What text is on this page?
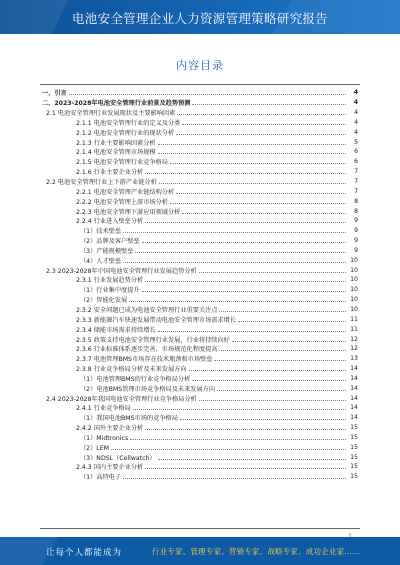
电池安全管理企业人力资源管理策略研究报告
内容目录
一、引言	4
二、2023-2028年电池安全管理行业前景及趋势预测	4
2.1 电池安全管理行业发展现状及主要影响因素	4
2.1.1 电池安全管理行业的定义及分类	4
2.1.2 电池安全管理行业的现状分析	4
2.1.3 行业主要影响因素分析	5
2.1.4 电池安全管理市场规模	6
2.1.5 电池安全管理行业竞争格局	6
2.1.6 行业主要企业分析	7
2.2 电池安全管理行业上下游产业链分析	7
2.2.1 电池安全管理产业链结构分析	7
2.2.2 电池安全管理上游市场分析	8
2.2.3 电池安全管理下游应用领域分析	8
2.2.4 行业进入壁垒分析	9
（1）技术壁垒	9
（2）品牌及客户壁垒	9
（3）产能规模壁垒	9
（4）人才壁垒	10
2.3 2023-2028年中国电池安全管理行业发展趋势分析	10
2.3.1 行业发展趋势分析	10
（1）行业集中度提升	10
（2）智能化发展	10
2.3.2 安全问题已成为电池安全管理行业重要关注点	10
2.3.3 新能源汽车快速发展带动电池安全管理市场需求增长	11
2.3.4 储能市场需求持续增长	11
2.3.5 政策支持电池安全管理行业发展，行业将持续向好	12
2.3.6 行业标准体系逐步完善，市场规范化程度提高	12
2.3.7 电池管理BMS市场存在技术瓶颈和市场壁垒	13
2.3.8 行业竞争格局分析及未来发展方向	14
（1）电池管理BMS的行业竞争格局分析	14
（2）电池BMS管理市场竞争格局及未来发展方向	14
2.4 2023-2028年我国电池安全管理行业竞争格局分析	14
2.4.1 行业竞争格局	14
（1）我国电池BMS市场的竞争格局	14
2.4.2 国外主要企业分析	15
（1）Midtronics	15
（2）LEM	15
（3）NDSL（Cellwatch）	15
2.4.3 国内主要企业分析	15
（1）高特电子	15
让每个人都能成为	行业专家、管理专家、营销专家、战略专家、成功企业家……
